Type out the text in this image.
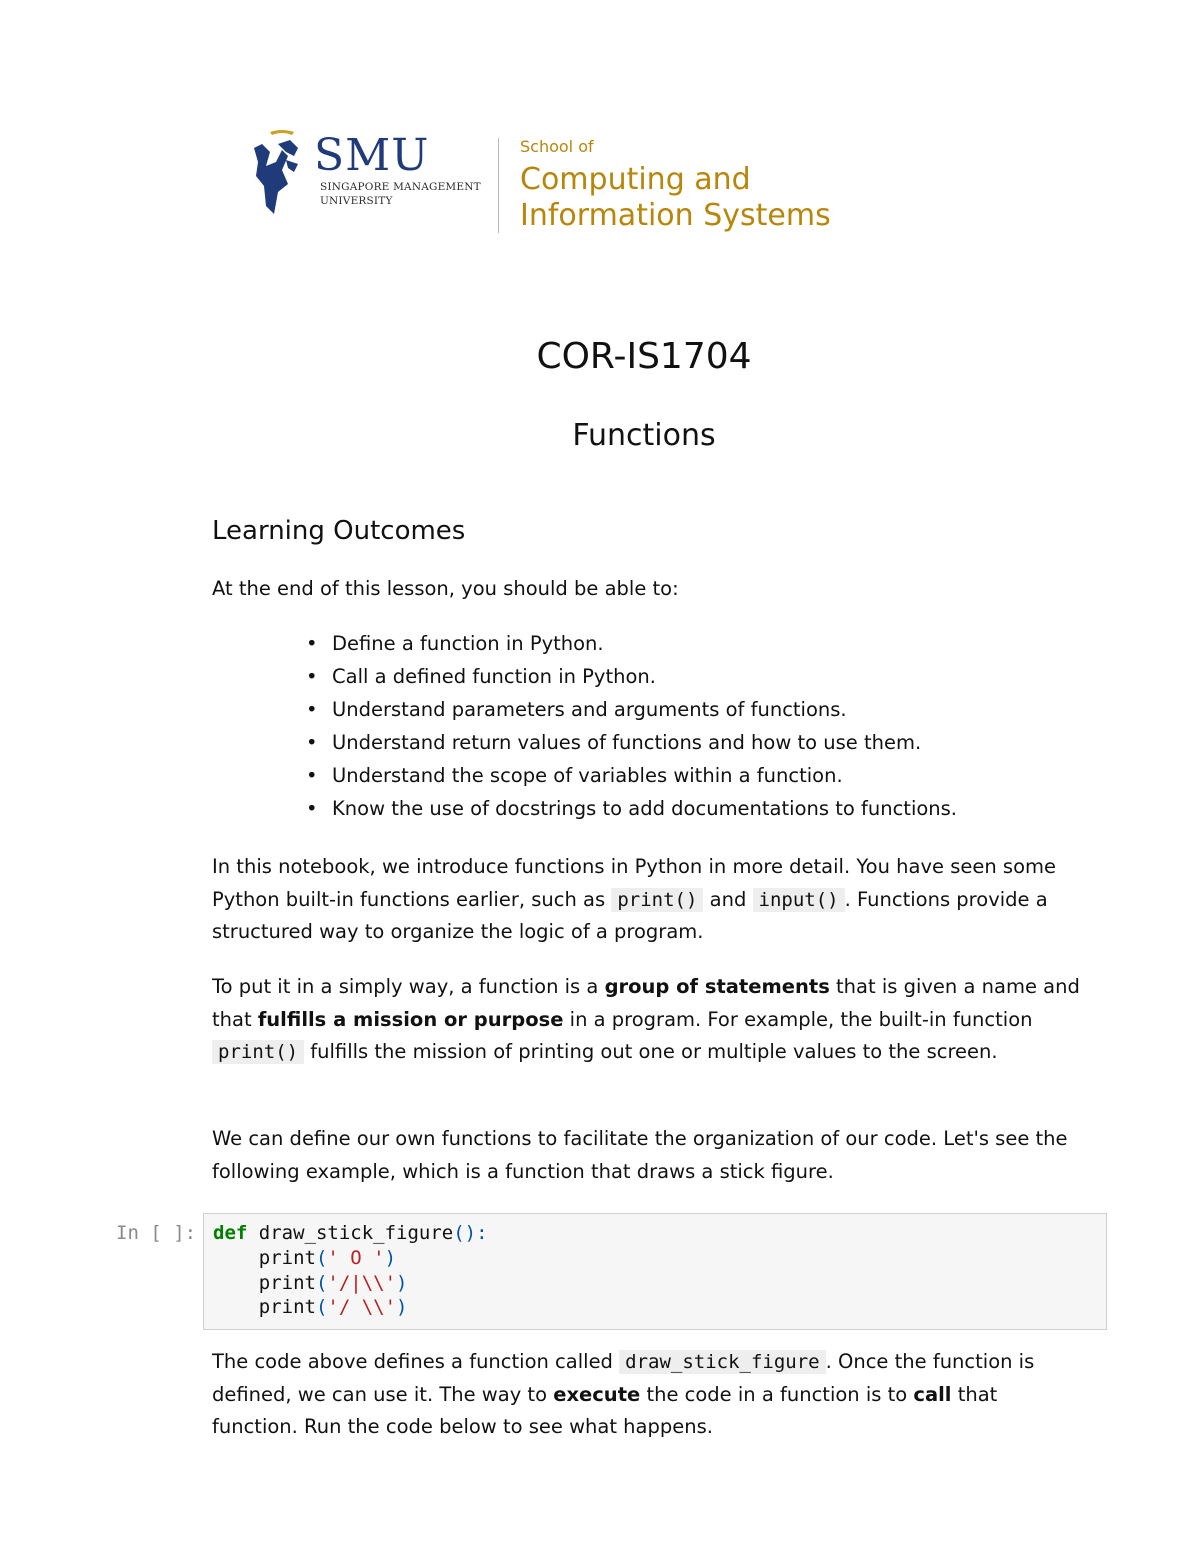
SMU
SINGAPORE MANAGEMENT
UNIVERSITY
School of
Computing and
Information Systems
COR-IS1704
Functions
Learning Outcomes
At the end of this lesson, you should be able to:
• Define a function in Python.
• Call a defined function in Python.
• Understand parameters and arguments of functions.
• Understand return values of functions and how to use them.
• Understand the scope of variables within a function.
• Know the use of docstrings to add documentations to functions.
In this notebook, we introduce functions in Python in more detail. You have seen some Python built-in functions earlier, such as print() and input() . Functions provide a structured way to organize the logic of a program.
To put it in a simply way, a function is a group of statements that is given a name and that fulfills a mission or purpose in a program. For example, the built-in function print() fulfills the mission of printing out one or multiple values to the screen.
We can define our own functions to facilitate the organization of our code. Let's see the following example, which is a function that draws a stick figure.
In [ ]: def draw_stick_figure():
print(' O ')
print('/|\\')
print('/ \\')
The code above defines a function called draw_stick_figure . Once the function is defined, we can use it. The way to execute the code in a function is to call that function. Run the code below to see what happens.
